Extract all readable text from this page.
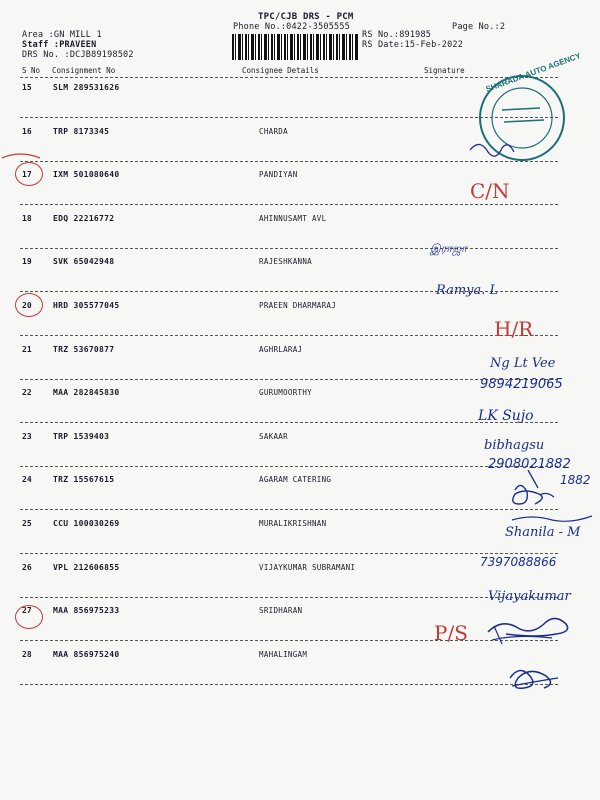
TPC/CJB DRS - PCM
Phone No.:0422-3505555	Page No.:2
Area :GN MILL 1
Staff :PRAVEEN
DRS No. :DCJB89198502
RS No.:891985
RS Date:15-Feb-2022
S No Consignment No	Consignee Details	Signature
15	SLM 289531626
16	TRP 8173345	CHARDA
17	IXM 501080640	PANDIYAN
18	EDQ 22216772	AHINNUSAMT AVL
19	SVK 65042948	RAJESHKANNA
20	HRD 305577045	PRAEEN DHARMARAJ
21	TRZ 53670877	AGHRLARAJ
22	MAA 282845830	GURUMOORTHY
23	TRP 1539403	SAKAAR
24	TRZ 15567615	AGARAM CATERING
25	CCU 100030269	MURALIKRISHNAN
26	VPL 212606855	VIJAYKUMAR SUBRAMANI
27	MAA 856975233	SRIDHARAN
28	MAA 856975240	MAHALINGAM
SHARADA AUTO AGENCY
C/N
இராஜா
Ramya. L
H/R
Ng Lt Vee
9894219065
LK Sujo
bibhagsu
2908021882
1882
Shanila - M
7397088866
Vijayakumar
P/S
